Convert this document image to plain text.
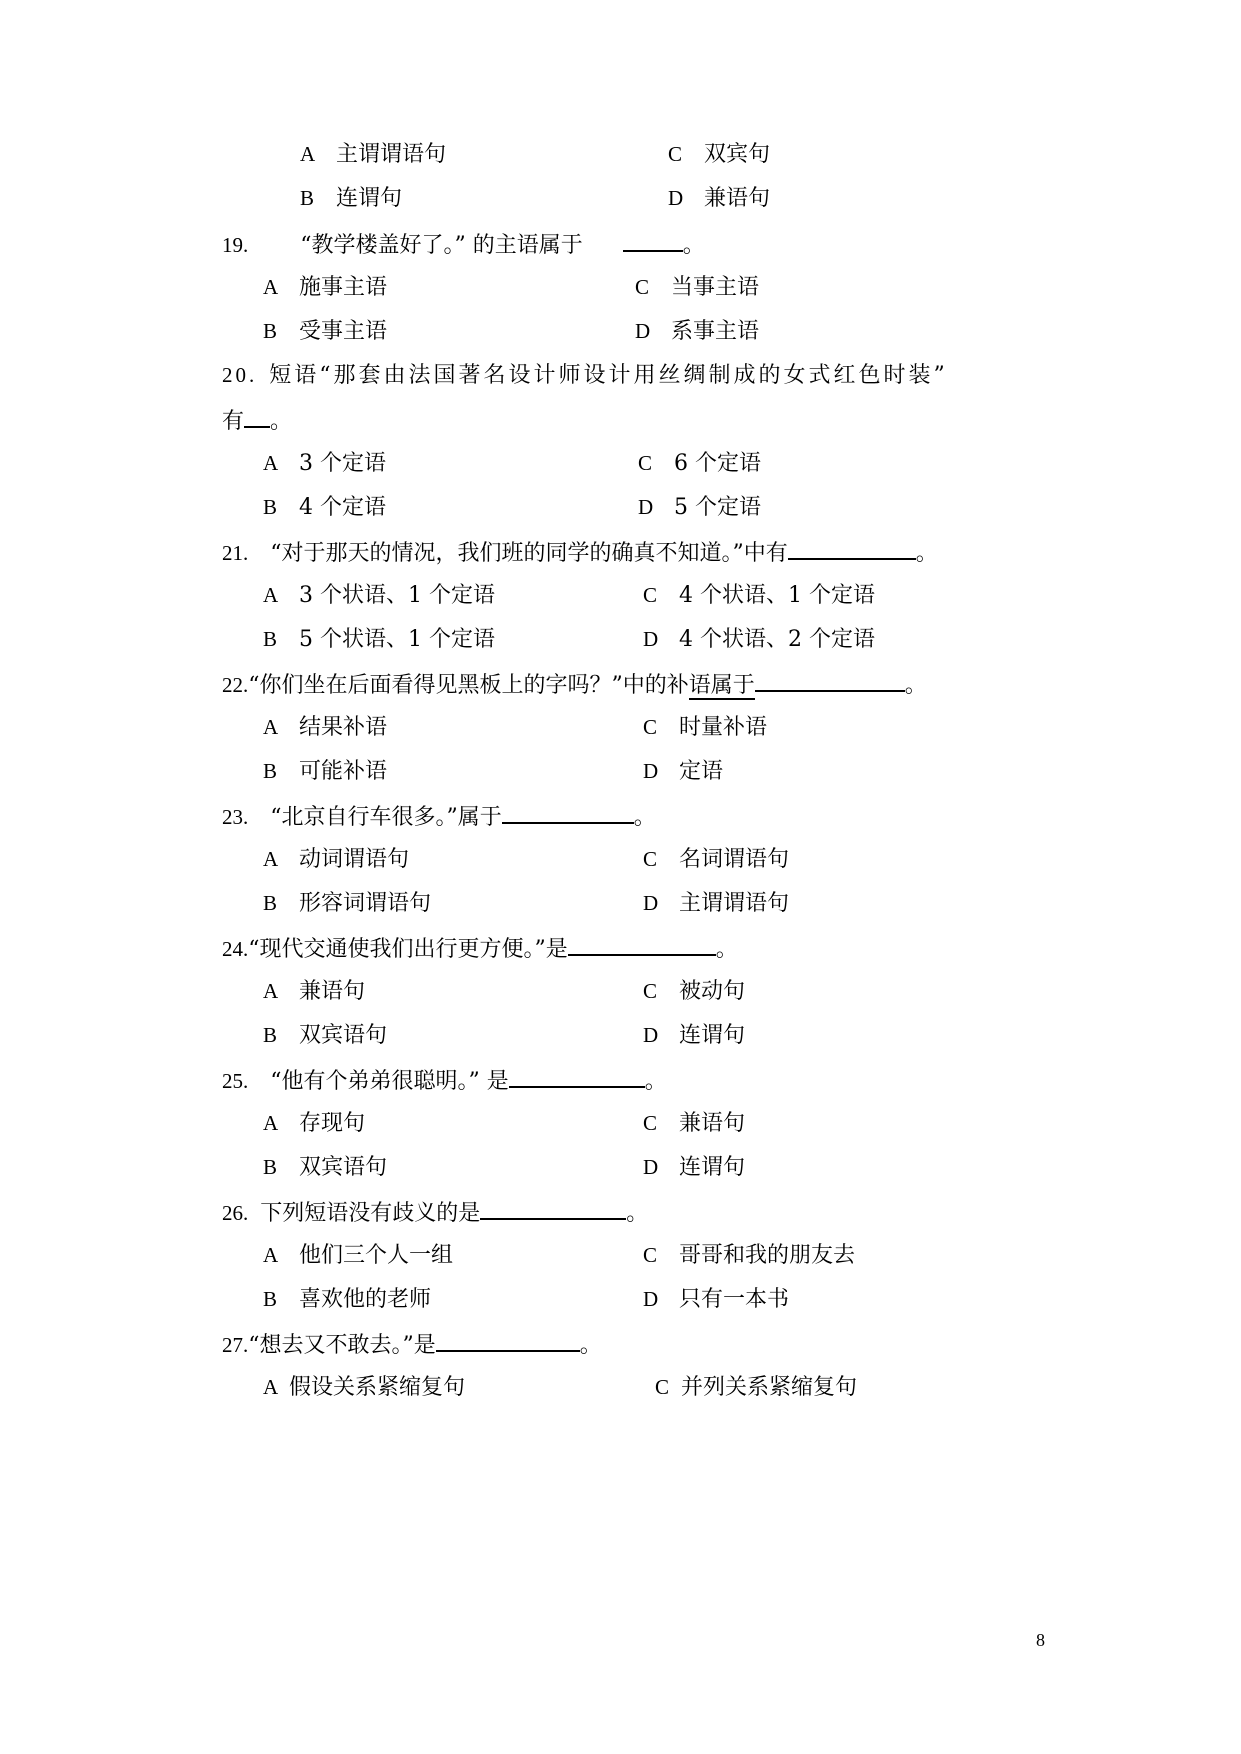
A 主谓谓语句	C 双宾句
B 连谓句	D 兼语句
19. “教学楼盖好了。” 的主语属于	。
A 施事主语	C 当事主语
B 受事主语	D 系事主语
20. 短语“那套由法国著名设计师设计用丝绸制成的女式红色时装”
有 。
A 3 个定语	C 6 个定语
B 4 个定语	D 5 个定语
21. “对于那天的情况，我们班的同学的确真不知道。”中有	。
A 3 个状语、1 个定语	C 4 个状语、1 个定语
B 5 个状语、1 个定语	D 4 个状语、2 个定语
22.“你们坐在后面看得见黑板上的字吗？”中的补语属于	。
A 结果补语	C 时量补语
B 可能补语	D 定语
23. “北京自行车很多。”属于	。
A 动词谓语句	C 名词谓语句
B 形容词谓语句	D 主谓谓语句
24.“现代交通使我们出行更方便。”是	。
A 兼语句	C 被动句
B 双宾语句	D 连谓句
25. “他有个弟弟很聪明。” 是	。
A 存现句	C 兼语句
B 双宾语句	D 连谓句
26. 下列短语没有歧义的是	。
A 他们三个人一组	C 哥哥和我的朋友去
B 喜欢他的老师	D 只有一本书
27.“想去又不敢去。”是	。
A 假设关系紧缩复句	C 并列关系紧缩复句
8
